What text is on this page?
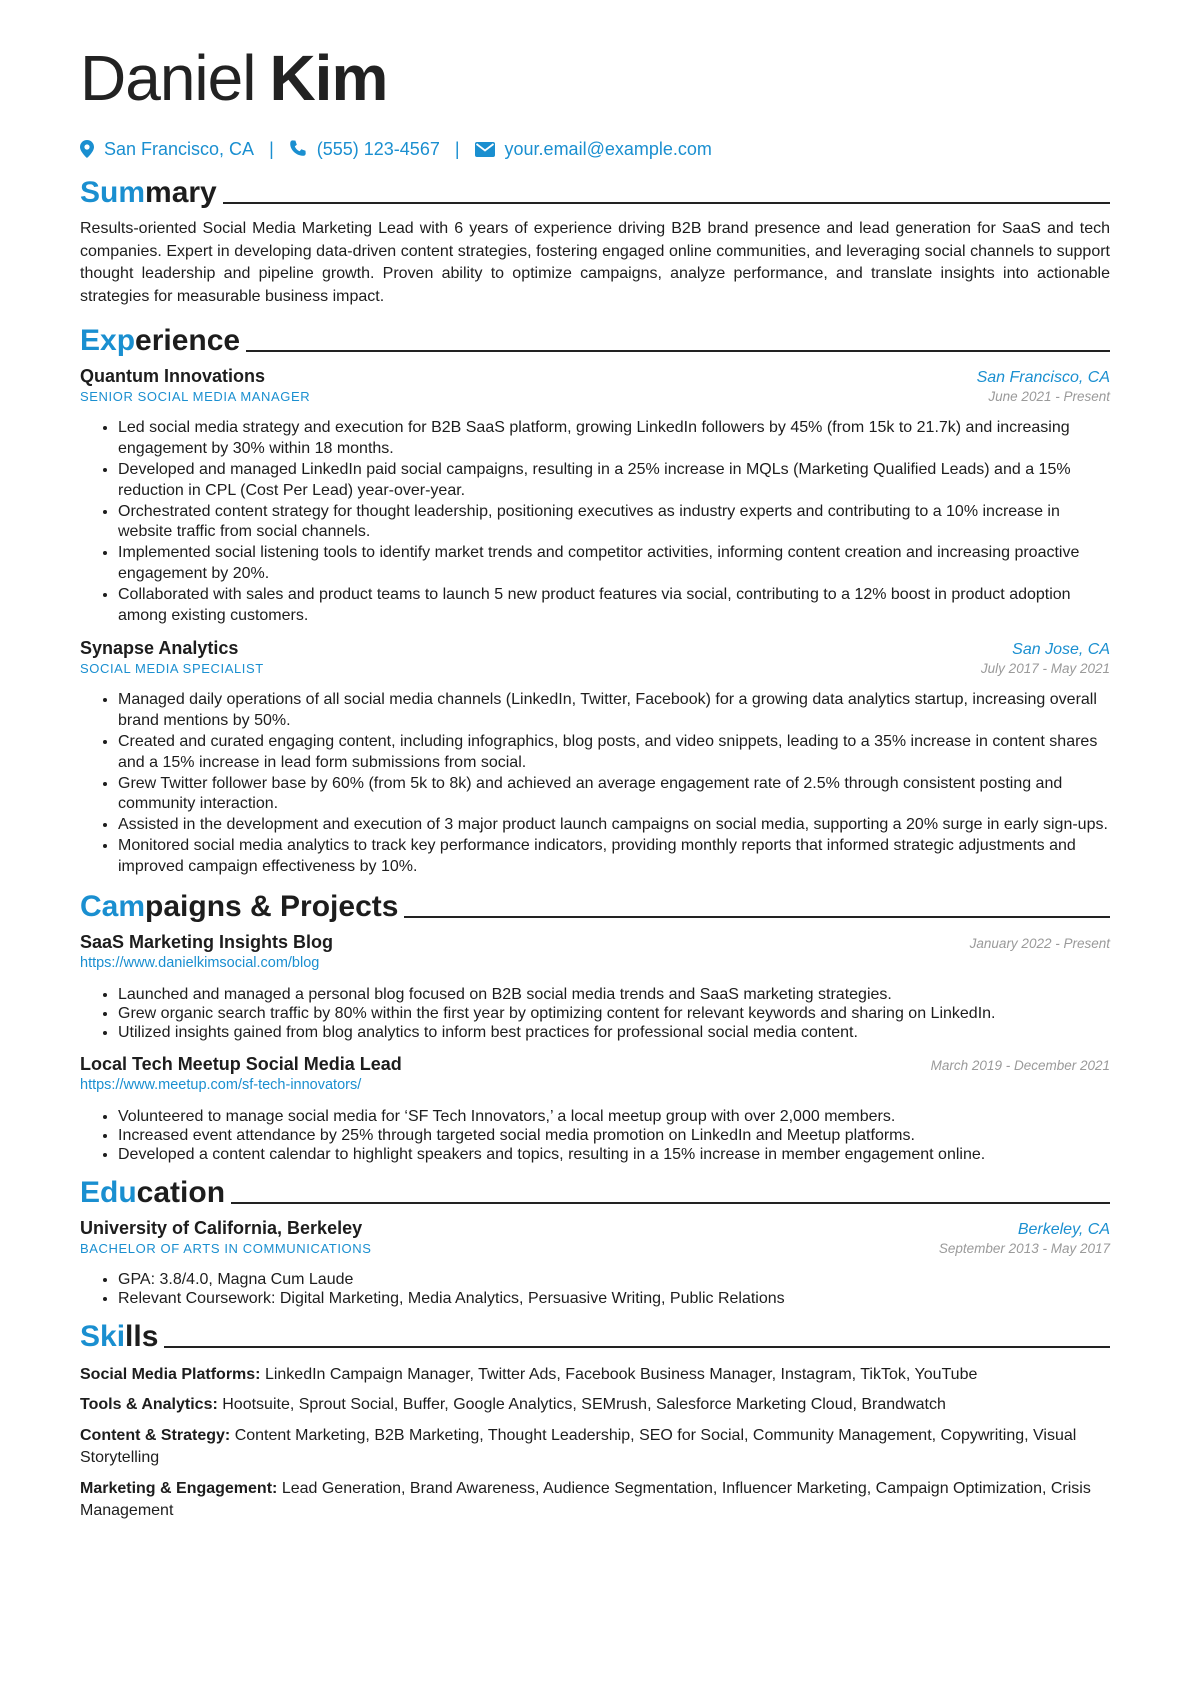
Daniel Kim
San Francisco, CA | (555) 123-4567 |	your.email@example.com
Summary

Results-oriented Social Media Marketing Lead with 6 years of experience driving B2B brand presence and lead generation for SaaS and tech companies. Expert in developing data-driven content strategies, fostering engaged online communities, and leveraging social channels to support thought leadership and pipeline growth. Proven ability to optimize campaigns, analyze performance, and translate insights into actionable strategies for measurable business impact.

Experience
Quantum Innovations	San Francisco, CA
SENIOR SOCIAL MEDIA MANAGER	June 2021 - Present
• Led social media strategy and execution for B2B SaaS platform, growing LinkedIn followers by 45% (from 15k to 21.7k) and increasing engagement by 30% within 18 months.
• Developed and managed LinkedIn paid social campaigns, resulting in a 25% increase in MQLs (Marketing Qualified Leads) and a 15% reduction in CPL (Cost Per Lead) year-over-year.
• Orchestrated content strategy for thought leadership, positioning executives as industry experts and contributing to a 10% increase in website traffic from social channels.
• Implemented social listening tools to identify market trends and competitor activities, informing content creation and increasing proactive engagement by 20%.
• Collaborated with sales and product teams to launch 5 new product features via social, contributing to a 12% boost in product adoption among existing customers.
Synapse Analytics	San Jose, CA
SOCIAL MEDIA SPECIALIST	July 2017 - May 2021
• Managed daily operations of all social media channels (LinkedIn, Twitter, Facebook) for a growing data analytics startup, increasing overall brand mentions by 50%.
• Created and curated engaging content, including infographics, blog posts, and video snippets, leading to a 35% increase in content shares and a 15% increase in lead form submissions from social.
• Grew Twitter follower base by 60% (from 5k to 8k) and achieved an average engagement rate of 2.5% through consistent posting and community interaction.
• Assisted in the development and execution of 3 major product launch campaigns on social media, supporting a 20% surge in early sign-ups.
• Monitored social media analytics to track key performance indicators, providing monthly reports that informed strategic adjustments and improved campaign effectiveness by 10%.
Campaigns & Projects
SaaS Marketing Insights Blog	January 2022 - Present
https://www.danielkimsocial.com/blog
• Launched and managed a personal blog focused on B2B social media trends and SaaS marketing strategies.
• Grew organic search traffic by 80% within the first year by optimizing content for relevant keywords and sharing on LinkedIn.
• Utilized insights gained from blog analytics to inform best practices for professional social media content.
Local Tech Meetup Social Media Lead	March 2019 - December 2021
https://www.meetup.com/sf-tech-innovators/
• Volunteered to manage social media for ‘SF Tech Innovators,’ a local meetup group with over 2,000 members.
• Increased event attendance by 25% through targeted social media promotion on LinkedIn and Meetup platforms.
• Developed a content calendar to highlight speakers and topics, resulting in a 15% increase in member engagement online.
Education
University of California, Berkeley	Berkeley, CA
BACHELOR OF ARTS IN COMMUNICATIONS	September 2013 - May 2017
• GPA: 3.8/4.0, Magna Cum Laude
• Relevant Coursework: Digital Marketing, Media Analytics, Persuasive Writing, Public Relations
Skills

Social Media Platforms: LinkedIn Campaign Manager, Twitter Ads, Facebook Business Manager, Instagram, TikTok, YouTube

Tools & Analytics: Hootsuite, Sprout Social, Buffer, Google Analytics, SEMrush, Salesforce Marketing Cloud, Brandwatch

Content & Strategy: Content Marketing, B2B Marketing, Thought Leadership, SEO for Social, Community Management, Copywriting, Visual Storytelling

Marketing & Engagement: Lead Generation, Brand Awareness, Audience Segmentation, Influencer Marketing, Campaign Optimization, Crisis Management
